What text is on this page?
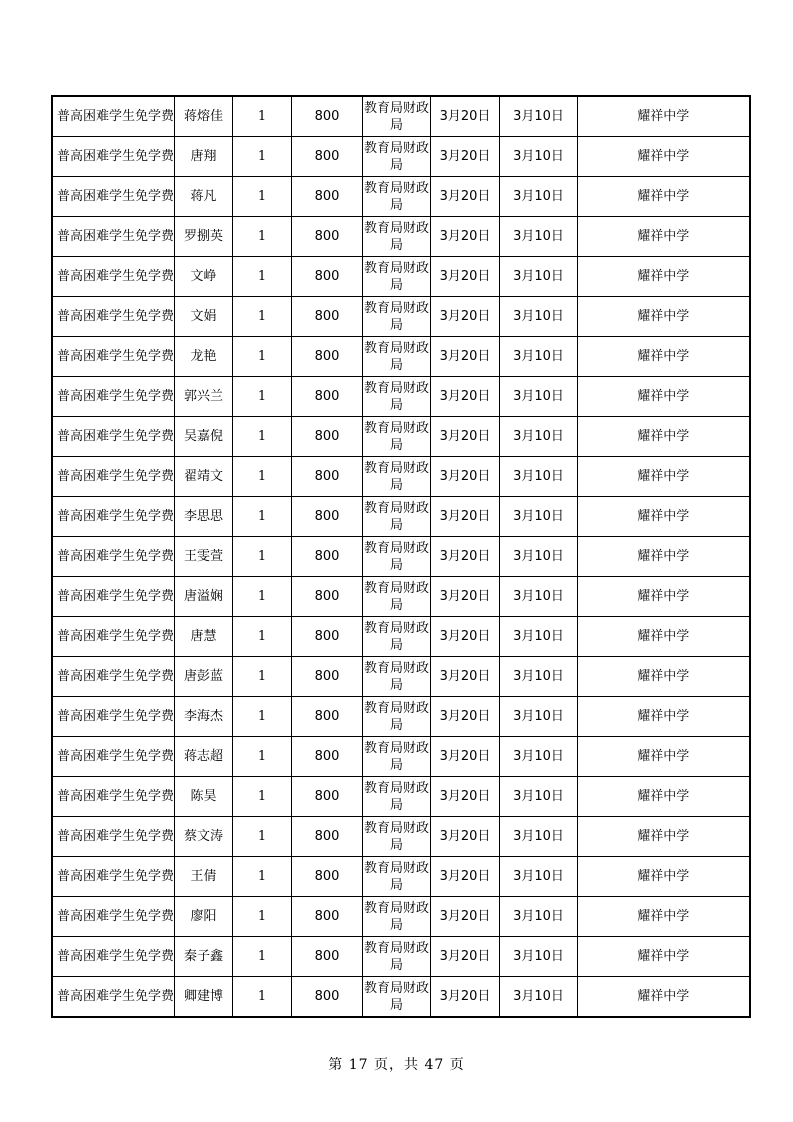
普高困难学生免学费	蒋熔佳	1	800	教育局财政局	3月20日	3月10日	耀祥中学
普高困难学生免学费	唐翔	1	800	教育局财政局	3月20日	3月10日	耀祥中学
普高困难学生免学费	蒋凡	1	800	教育局财政局	3月20日	3月10日	耀祥中学
普高困难学生免学费	罗捌英	1	800	教育局财政局	3月20日	3月10日	耀祥中学
普高困难学生免学费	文峥	1	800	教育局财政局	3月20日	3月10日	耀祥中学
普高困难学生免学费	文娟	1	800	教育局财政局	3月20日	3月10日	耀祥中学
普高困难学生免学费	龙艳	1	800	教育局财政局	3月20日	3月10日	耀祥中学
普高困难学生免学费	郭兴兰	1	800	教育局财政局	3月20日	3月10日	耀祥中学
普高困难学生免学费	吴嘉倪	1	800	教育局财政局	3月20日	3月10日	耀祥中学
普高困难学生免学费	翟靖文	1	800	教育局财政局	3月20日	3月10日	耀祥中学
普高困难学生免学费	李思思	1	800	教育局财政局	3月20日	3月10日	耀祥中学
普高困难学生免学费	王雯萱	1	800	教育局财政局	3月20日	3月10日	耀祥中学
普高困难学生免学费	唐溢娴	1	800	教育局财政局	3月20日	3月10日	耀祥中学
普高困难学生免学费	唐慧	1	800	教育局财政局	3月20日	3月10日	耀祥中学
普高困难学生免学费	唐彭蓝	1	800	教育局财政局	3月20日	3月10日	耀祥中学
普高困难学生免学费	李海杰	1	800	教育局财政局	3月20日	3月10日	耀祥中学
普高困难学生免学费	蒋志超	1	800	教育局财政局	3月20日	3月10日	耀祥中学
普高困难学生免学费	陈昊	1	800	教育局财政局	3月20日	3月10日	耀祥中学
普高困难学生免学费	蔡文涛	1	800	教育局财政局	3月20日	3月10日	耀祥中学
普高困难学生免学费	王倩	1	800	教育局财政局	3月20日	3月10日	耀祥中学
普高困难学生免学费	廖阳	1	800	教育局财政局	3月20日	3月10日	耀祥中学
普高困难学生免学费	秦子鑫	1	800	教育局财政局	3月20日	3月10日	耀祥中学
普高困难学生免学费	卿建博	1	800	教育局财政局	3月20日	3月10日	耀祥中学
第 17 页，共 47 页
